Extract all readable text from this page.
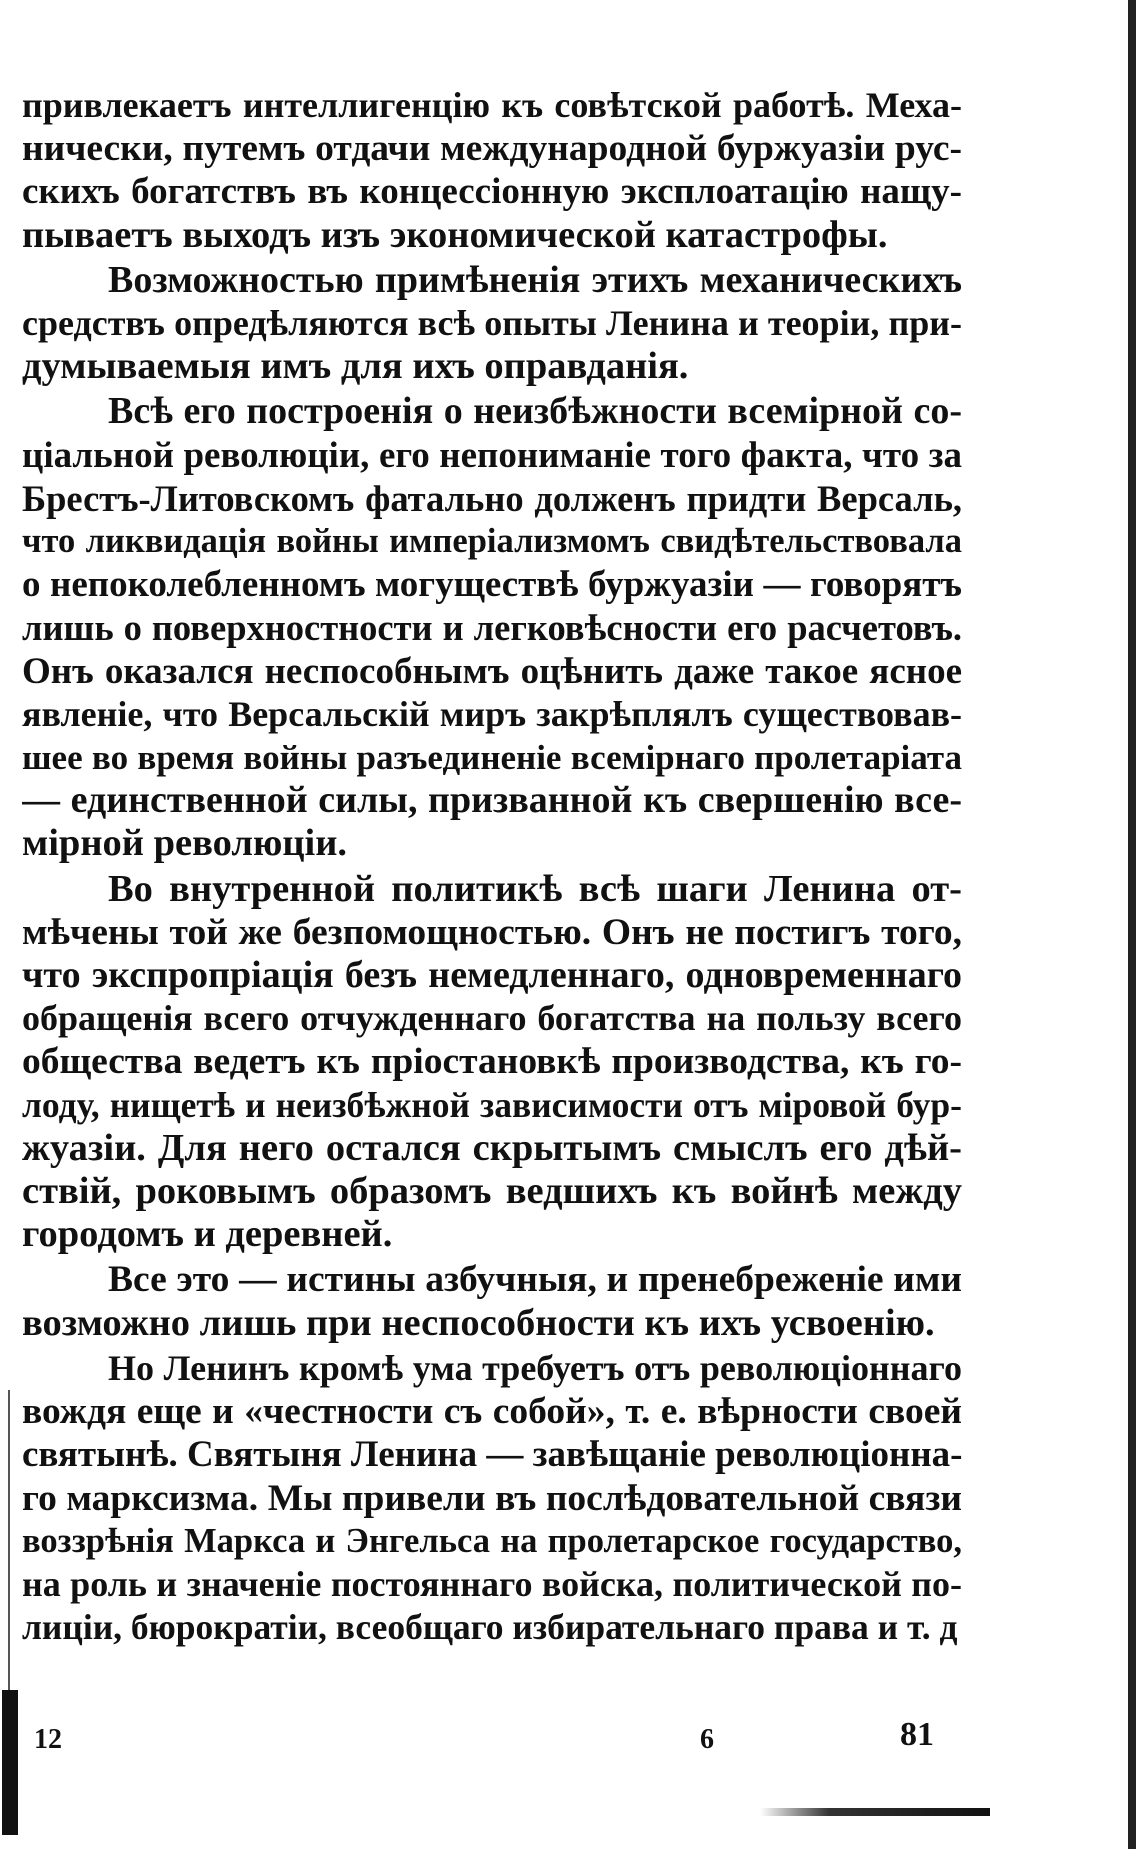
привлекаетъ интеллигенцію къ совѣтской работѣ. Меха-
нически, путемъ отдачи международной буржуазіи рус-
скихъ богатствъ въ концессіонную эксплоатацію нащу-
пываетъ выходъ изъ экономической катастрофы.
Возможностью примѣненія этихъ механическихъ
средствъ опредѣляются всѣ опыты Ленина и теоріи, при-
думываемыя имъ для ихъ оправданія.
Всѣ его построенія о неизбѣжности всемірной со-
ціальной революціи, его непониманіе того факта, что за
Брестъ-Литовскомъ фатально долженъ придти Версаль,
что ликвидація войны имперіализмомъ свидѣтельствовала
о непоколебленномъ могуществѣ буржуазіи — говорятъ
лишь о поверхностности и легковѣсности его расчетовъ.
Онъ оказался неспособнымъ оцѣнить даже такое ясное
явленіе, что Версальскій миръ закрѣплялъ существовав-
шее во время войны разъединеніе всемірнаго пролетаріата
— единственной силы, призванной къ свершенію все-
мірной революціи.
Во внутренной политикѣ всѣ шаги Ленина от-
мѣчены той же безпомощностью. Онъ не постигъ того,
что экспропріація безъ немедленнаго, одновременнаго
обращенія всего отчужденнаго богатства на пользу всего
общества ведетъ къ пріостановкѣ производства, къ го-
лоду, нищетѣ и неизбѣжной зависимости отъ міровой бур-
жуазіи. Для него остался скрытымъ смыслъ его дѣй-
ствій, роковымъ образомъ ведшихъ къ войнѣ между
городомъ и деревней.
Все это — истины азбучныя, и пренебреженіе ими
возможно лишь при неспособности къ ихъ усвоенію.
Но Ленинъ кромѣ ума требуетъ отъ революціоннаго
вождя еще и «честности съ собой», т. е. вѣрности своей
святынѣ. Святыня Ленина — завѣщаніе революціонна-
го марксизма. Мы привели въ послѣдовательной связи
воззрѣнія Маркса и Энгельса на пролетарское государство,
на роль и значеніе постояннаго войска, политической по-
лиціи, бюрократіи, всеобщаго избирательнаго права и т. д
12	6	81
